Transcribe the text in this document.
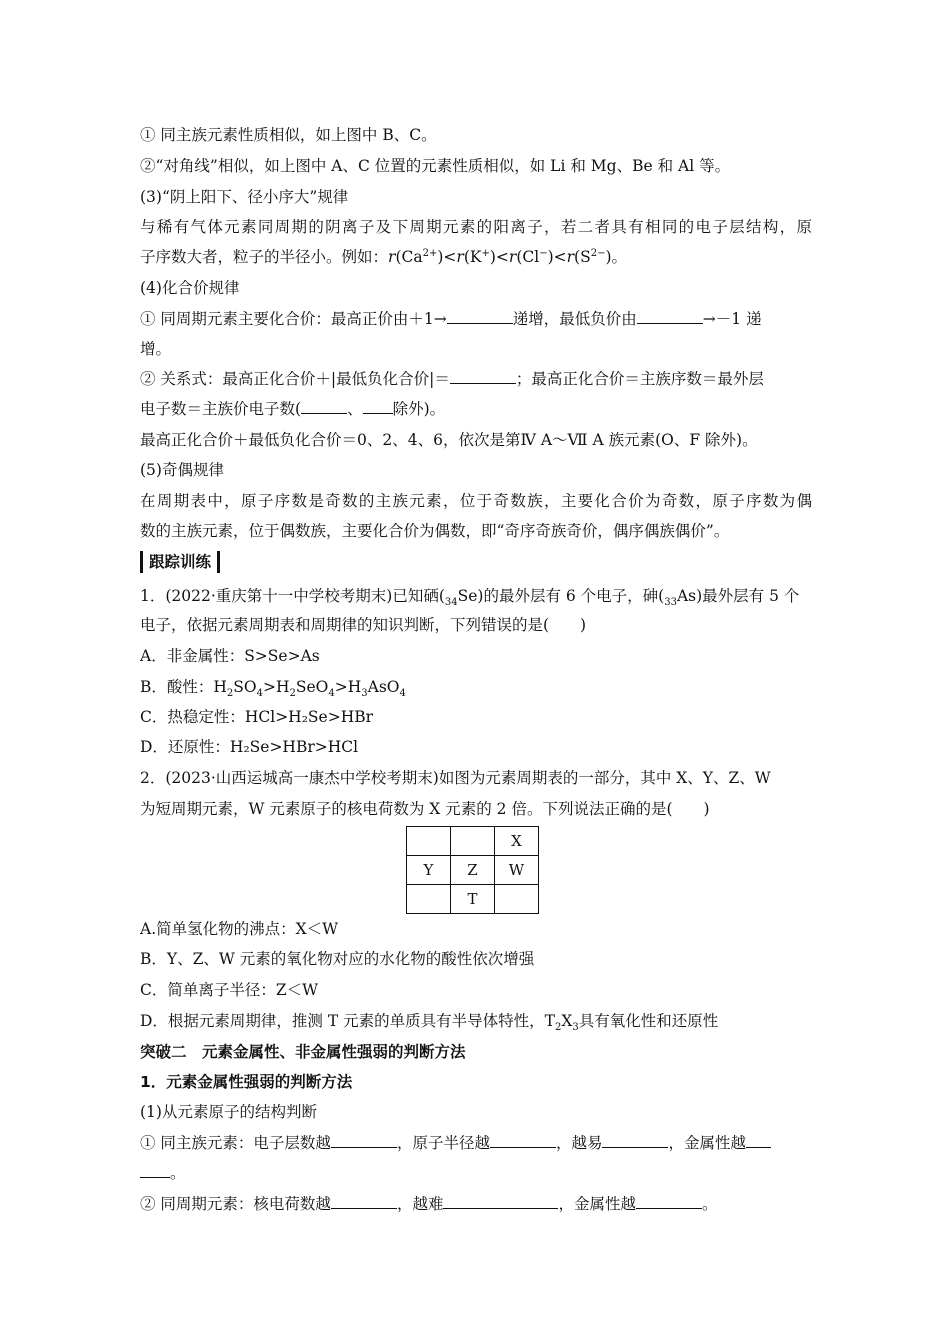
① 同主族元素性质相似，如上图中 B、C。
②“对角线”相似，如上图中 A、C 位置的元素性质相似，如 Li 和 Mg、Be 和 Al 等。
(3)“阴上阳下、径小序大”规律
与稀有气体元素同周期的阴离子及下周期元素的阳离子，若二者具有相同的电子层结构，原
子序数大者，粒子的半径小。例如：$r(Ca^{2+})<r(K^+)<r(Cl^-)<r(S^{2-})$。
(4)化合价规律
① 同周期元素主要化合价：最高正价由＋1→	递增，最低负价由	→－1 递
增。
② 关系式：最高正化合价＋|最低负化合价|＝	；最高正化合价＝主族序数＝最外层
电子数＝主族价电子数(	、 除外)。
最高正化合价＋最低负化合价＝0、2、4、6，依次是第Ⅳ A～Ⅶ A 族元素(O、F 除外)。
(5)奇偶规律
在周期表中，原子序数是奇数的主族元素，位于奇数族，主要化合价为奇数，原子序数为偶
数的主族元素，位于偶数族，主要化合价为偶数，即“奇序奇族奇价，偶序偶族偶价”。
跟踪训练
1．(2022·重庆第十一中学校考期末)已知硒$(_{34}Se)$的最外层有 6 个电子，砷$(_{33}As)$最外层有 5 个
电子，依据元素周期表和周期律的知识判断，下列错误的是(　　)
A．非金属性：S>Se>As
B．酸性：$H_2SO_4>H_2SeO_4>H_3AsO_4$
C．热稳定性：HCl>H₂Se>HBr
D．还原性：H₂Se>HBr>HCl
2．(2023·山西运城高一康杰中学校考期末)如图为元素周期表的一部分，其中 X、Y、Z、W
为短周期元素，W 元素原子的核电荷数为 X 元素的 2 倍。下列说法正确的是(　　)
		X
Y	Z	W
	T	
A.简单氢化物的沸点：X＜W
B．Y、Z、W 元素的氧化物对应的水化物的酸性依次增强
C．简单离子半径：Z＜W
D．根据元素周期律，推测 T 元素的单质具有半导体特性，$T_2X_3$具有氧化性和还原性
突破二　元素金属性、非金属性强弱的判断方法
1．元素金属性强弱的判断方法
(1)从元素原子的结构判断
① 同主族元素：电子层数越	，原子半径越	，越易	，金属性越
。
② 同周期元素：核电荷数越	，越难	，金属性越	。
